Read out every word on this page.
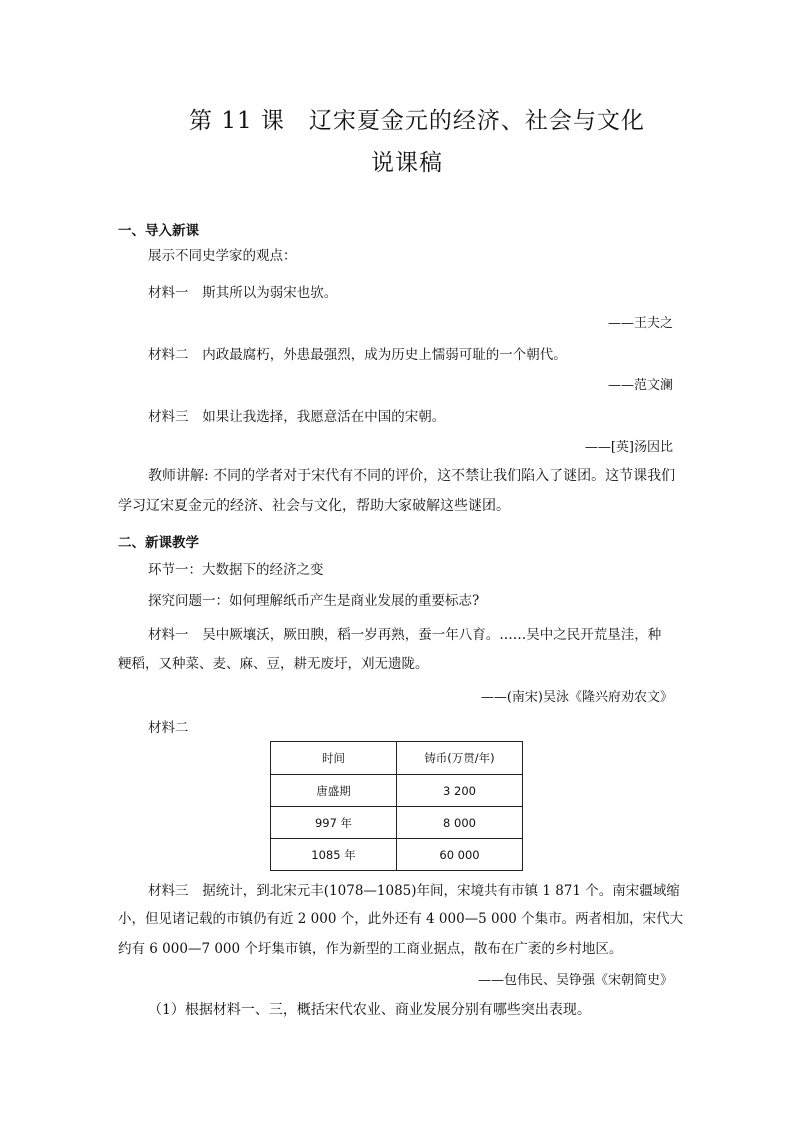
第 11 课　辽宋夏金元的经济、社会与文化
说课稿
一、导入新课
展示不同史学家的观点：
材料一 斯其所以为弱宋也欤。
——王夫之
材料二 内政最腐朽，外患最强烈，成为历史上懦弱可耻的一个朝代。
——范文澜
材料三 如果让我选择，我愿意活在中国的宋朝。
——[英]汤因比
教师讲解: 不同的学者对于宋代有不同的评价，这不禁让我们陷入了谜团。这节课我们
学习辽宋夏金元的经济、社会与文化，帮助大家破解这些谜团。
二、新课教学
环节一：大数据下的经济之变
探究问题一：如何理解纸币产生是商业发展的重要标志?
材料一 吴中厥壤沃，厥田腴，稻一岁再熟，蚕一年八育。……吴中之民开荒垦洼，种
粳稻，又种菜、麦、麻、豆，耕无废圩，刈无遗陇。
——(南宋)吴泳《隆兴府劝农文》
材料二
时间	铸币(万贯/年)
唐盛期	3 200
997 年	8 000
1085 年	60 000
材料三 据统计，到北宋元丰(1078—1085)年间，宋境共有市镇 1 871 个。南宋疆域缩
小，但见诸记载的市镇仍有近 2 000 个，此外还有 4 000—5 000 个集市。两者相加，宋代大
约有 6 000—7 000 个圩集市镇，作为新型的工商业据点，散布在广袤的乡村地区。
——包伟民、吴铮强《宋朝简史》
（1）根据材料一、三，概括宋代农业、商业发展分别有哪些突出表现。
